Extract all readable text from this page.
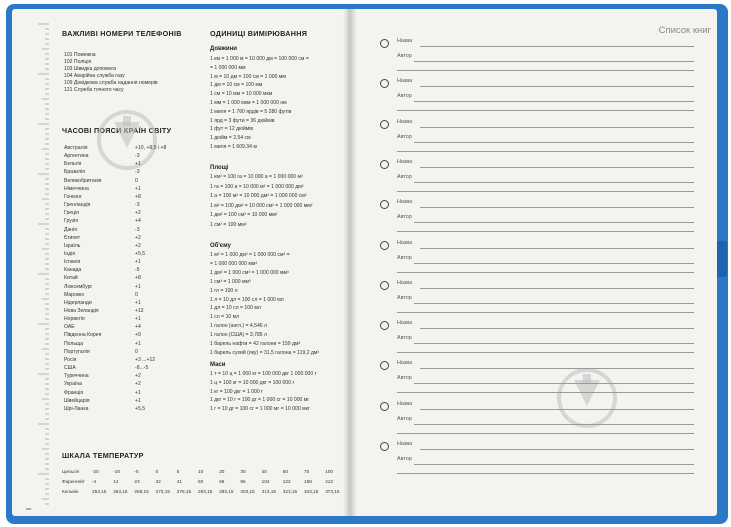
cm
ВАЖЛИВІ НОМЕРИ ТЕЛЕФОНІВ
ЧАСОВІ ПОЯСИ КРАЇН СВІТУ
ОДИНИЦІ ВИМІРЮВАННЯ
Довжини
Площі
Об'єму
Маси
ШКАЛА ТЕМПЕРАТУР
Цельсія	-20	-10	-5	0	5	10	20	30	40	50	70	100
Фаренгейт -4	14	23	32	41	50	68	86	104	122	158	212
Кельвін	253,15 263,15 268,15 273,15 278,15 283,15 293,15 303,15 313,15 323,15 343,15 373,15
Список книг
Назва
Автор
Назва
Автор
Назва
Автор
Назва
Автор
Назва
Автор
Назва
Автор
Назва
Автор
Назва
Автор
Назва
Автор
Назва
Автор
Назва
Автор
101 Пожежна
102 Поліція
103 Швидка допомога
104 Аварійна служба газу
109 Довідкова служба надання номерів
121 Служба точного часу
Австралія	+10, +9,5 і +8
Аргентина	-3
Бельгія	+1
Бразилія	-3
Великобританія	0
Німеччина	+1
Гонконг	+8
Гренландія	-3
Греція	+2
Грузія	+4
Данія	-3
Єгипет	+2
Ізраїль	+2
Індія	+5,5
Іспанія	+1
Канада	-5
Китай	+8
Люксембург	+1
Марокко	0
Нідерланди	+1
Нова Зеландія	+12
Норвегія	+1
ОАЕ	+4
Південна Корея	+9
Польща	+1
Португалія	0
Росія	+3 ...+12
США	-8...-5
Туреччина	+2
Україна	+2
Франція	+1
Швейцарія	+1
Шрі-Ланка	+5,5
1 км = 1 000 м = 10 000 дм = 100 000 см =
= 1 000 000 мм
1 м = 10 дм = 100 см = 1 000 мм
1 дм = 10 см = 100 мм
1 см = 10 мм = 10 000 мкм
1 мм = 1 000 мкм = 1 000 000 нм
1 миля = 1 760 ярдів = 5 280 футів
1 ярд = 3 фути = 36 дюймів
1 фут = 12 дюймів
1 дюйм = 2,54 см
1 миля = 1 609,34 м
1 км² = 100 га = 10 000 а = 1 000 000 м²
1 га = 100 а = 10 000 м² = 1 000 000 дм²
1 а = 100 м² = 10 000 дм² = 1 000 000 см²
1 м² = 100 дм² = 10 000 см² = 1 000 000 мм²
1 дм² = 100 см² = 10 000 мм²
1 см² = 100 мм²
1 м³ = 1 000 дм³ = 1 000 000 см³ =
= 1 000 000 000 мм³
1 дм³ = 1 000 см³ = 1 000 000 мм³
1 см³ = 1 000 мм³
1 гл = 100 л
1 л = 10 дл = 100 сл = 1 000 мл
1 дл = 10 сл = 100 мл
1 сл = 10 мл
1 галон (англ.) = 4,546 л
1 галон (США) = 3,785 л
1 барель нафти = 42 галони = 159 дм³
1 барель сухий (яку) = 31,5 галона = 119,2 дм³
1 т = 10 ц = 1 000 кг = 100 000 дкг 1 000 000 г
1 ц = 100 кг = 10 000 дкг = 100 000 г
1 кг = 100 дкг = 1 000 г
1 дкг = 10 г = 100 дг = 1 000 сг = 10 000 мг
1 г = 10 дг = 100 сг = 1 000 мг = 10 000 мкг
